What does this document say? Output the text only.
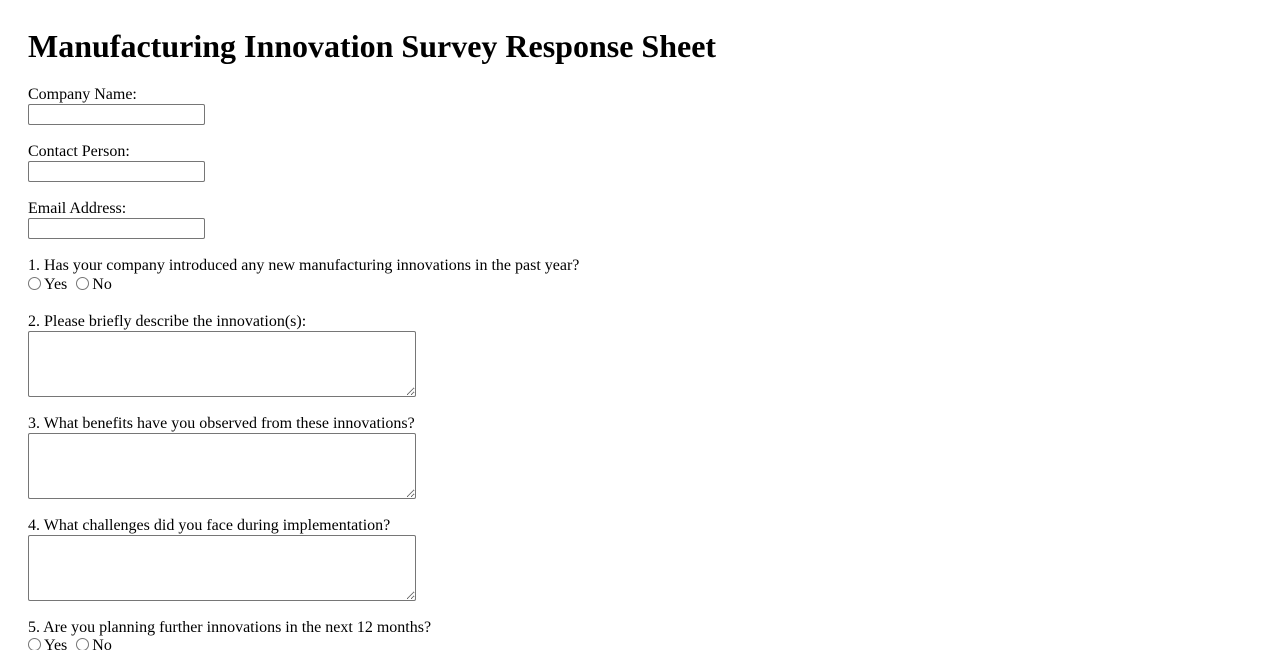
Manufacturing Innovation Survey Response Sheet
Company Name:
Contact Person:
Email Address:
1. Has your company introduced any new manufacturing innovations in the past year?
Yes No
2. Please briefly describe the innovation(s):
3. What benefits have you observed from these innovations?
4. What challenges did you face during implementation?
5. Are you planning further innovations in the next 12 months?
Yes No
